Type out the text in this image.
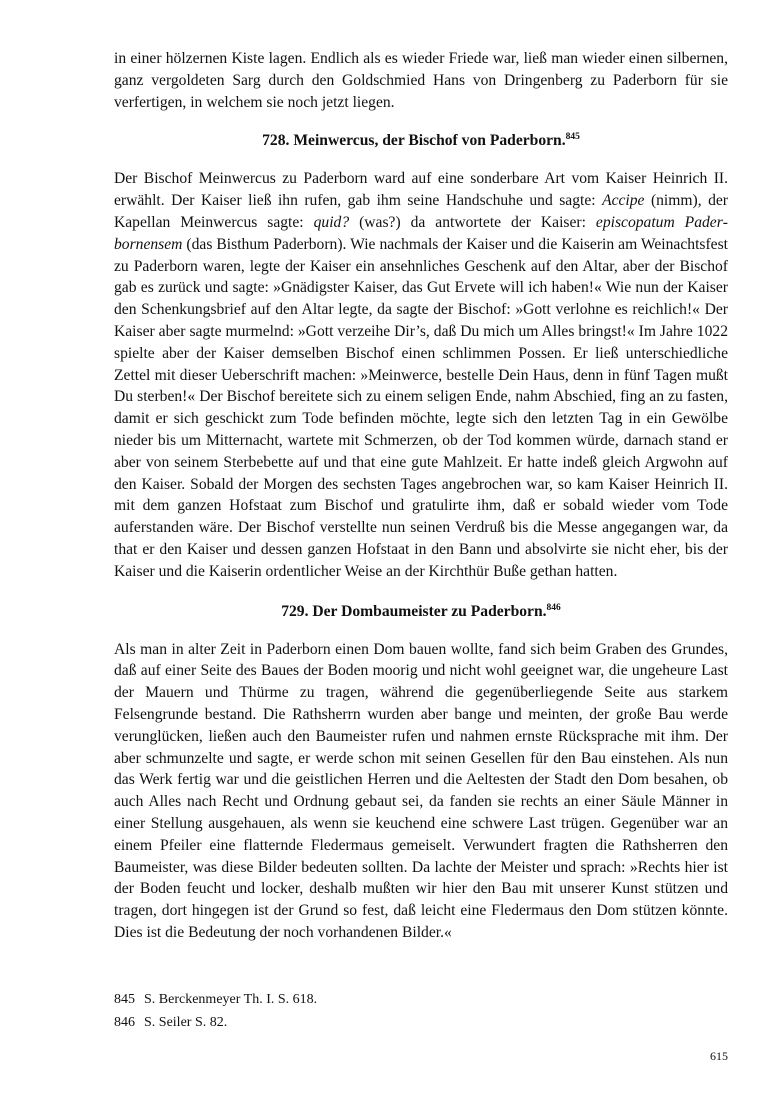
in einer hölzernen Kiste lagen. Endlich als es wieder Friede war, ließ man wieder einen silbernen, ganz vergoldeten Sarg durch den Goldschmied Hans von Dringenberg zu Paderborn für sie verfertigen, in welchem sie noch jetzt liegen.

728. Meinwercus, der Bischof von Paderborn.$^{845}$

Der Bischof Meinwercus zu Paderborn ward auf eine sonderbare Art vom Kaiser Heinrich II. erwählt. Der Kaiser ließ ihn rufen, gab ihm seine Handschuhe und sagte: Accipe (nimm), der Kapellan Meinwercus sagte: quid? (was?) da antwortete der Kaiser: episcopatum Paderbornensem (das Bisthum Paderborn). Wie nachmals der Kaiser und die Kaiserin am Weinachtsfest zu Paderborn waren, legte der Kaiser ein ansehnliches Geschenk auf den Altar, aber der Bischof gab es zurück und sagte: »Gnädigster Kaiser, das Gut Ervete will ich haben!« Wie nun der Kaiser den Schenkungsbrief auf den Altar legte, da sagte der Bischof: »Gott verlohne es reichlich!« Der Kaiser aber sagte murmelnd: »Gott verzeihe Dir’s, daß Du mich um Alles bringst!« Im Jahre 1022 spielte aber der Kaiser demselben Bischof einen schlimmen Possen. Er ließ unterschiedliche Zettel mit dieser Ueberschrift machen: »Meinwerce, bestelle Dein Haus, denn in fünf Tagen mußt Du sterben!« Der Bischof bereitete sich zu einem seligen Ende, nahm Abschied, fing an zu fasten, damit er sich geschickt zum Tode befinden möchte, legte sich den letzten Tag in ein Gewölbe nieder bis um Mitternacht, wartete mit Schmerzen, ob der Tod kommen würde, darnach stand er aber von seinem Sterbebette auf und that eine gute Mahlzeit. Er hatte indeß gleich Argwohn auf den Kaiser. Sobald der Morgen des sechsten Tages angebrochen war, so kam Kaiser Heinrich II. mit dem ganzen Hofstaat zum Bischof und gratulirte ihm, daß er sobald wieder vom Tode auferstanden wäre. Der Bischof verstellte nun seinen Verdruß bis die Messe angegangen war, da that er den Kaiser und dessen ganzen Hofstaat in den Bann und absolvirte sie nicht eher, bis der Kaiser und die Kaiserin ordentlicher Weise an der Kirchthür Buße gethan hatten.

729. Der Dombaumeister zu Paderborn.$^{846}$

Als man in alter Zeit in Paderborn einen Dom bauen wollte, fand sich beim Graben des Grundes, daß auf einer Seite des Baues der Boden moorig und nicht wohl geeignet war, die ungeheure Last der Mauern und Thürme zu tragen, während die gegenüberliegende Seite aus starkem Felsengrunde bestand. Die Rathsherrn wurden aber bange und meinten, der große Bau werde verunglücken, ließen auch den Baumeister rufen und nahmen ernste Rücksprache mit ihm. Der aber schmunzelte und sagte, er werde schon mit seinen Gesellen für den Bau einstehen. Als nun das Werk fertig war und die geistlichen Herren und die Aeltesten der Stadt den Dom besahen, ob auch Alles nach Recht und Ordnung gebaut sei, da fanden sie rechts an einer Säule Männer in einer Stellung ausgehauen, als wenn sie keuchend eine schwere Last trügen. Gegenüber war an einem Pfeiler eine flatternde Fledermaus gemeiselt. Verwundert fragten die Rathsherren den Baumeister, was diese Bilder bedeuten sollten. Da lachte der Meister und sprach: »Rechts hier ist der Boden feucht und locker, deshalb mußten wir hier den Bau mit unserer Kunst stützen und tragen, dort hingegen ist der Grund so fest, daß leicht eine Fledermaus den Dom stützen könnte. Dies ist die Bedeutung der noch vorhandenen Bilder.«

845 S. Berckenmeyer Th. I. S. 618.
846 S. Seiler S. 82.
615
